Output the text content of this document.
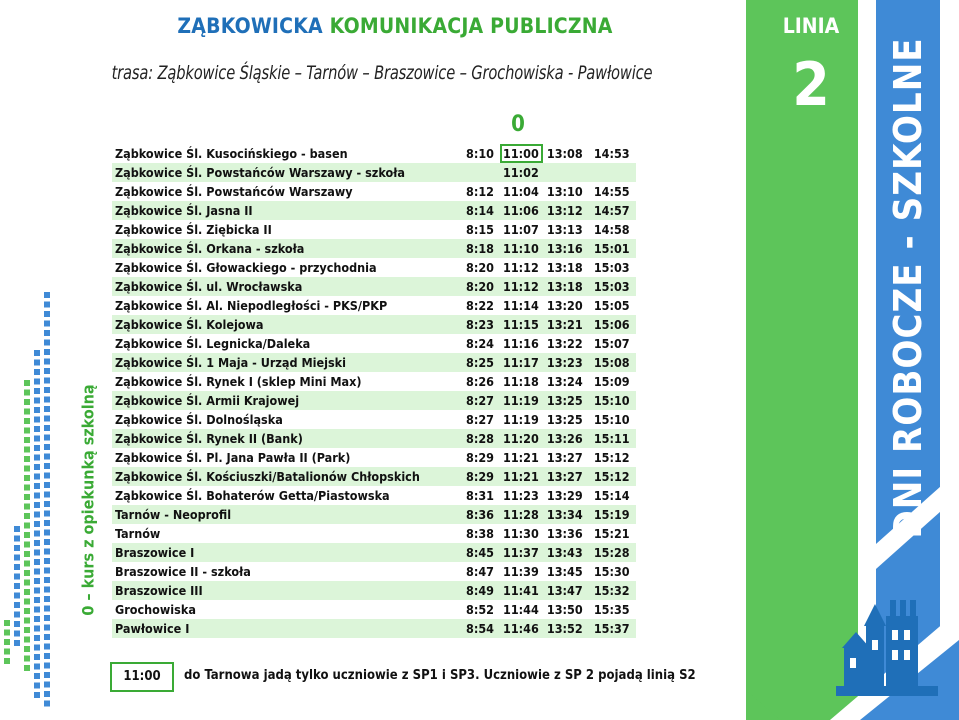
LINIA
2	DNI ROBOCZE - SZKOLNE
ZĄBKOWICKA KOMUNIKACJA PUBLICZNA
trasa: Ząbkowice Śląskie – Tarnów – Braszowice – Grochowiska - Pawłowice
0
Ząbkowice Śl. Kusocińskiego - basen	8:10	11:00	13:08	14:53
Ząbkowice Śl. Powstańców Warszawy - szkoła		11:02		
Ząbkowice Śl. Powstańców Warszawy	8:12	11:04	13:10	14:55
Ząbkowice Śl. Jasna II	8:14	11:06	13:12	14:57
Ząbkowice Śl. Ziębicka II	8:15	11:07	13:13	14:58
Ząbkowice Śl. Orkana - szkoła	8:18	11:10	13:16	15:01
Ząbkowice Śl. Głowackiego - przychodnia	8:20	11:12	13:18	15:03
Ząbkowice Śl. ul. Wrocławska	8:20	11:12	13:18	15:03
Ząbkowice Śl. Al. Niepodległości - PKS/PKP	8:22	11:14	13:20	15:05
Ząbkowice Śl. Kolejowa	8:23	11:15	13:21	15:06
Ząbkowice Śl. Legnicka/Daleka	8:24	11:16	13:22	15:07
Ząbkowice Śl. 1 Maja - Urząd Miejski	8:25	11:17	13:23	15:08
Ząbkowice Śl. Rynek I (sklep Mini Max)	8:26	11:18	13:24	15:09
Ząbkowice Śl. Armii Krajowej	8:27	11:19	13:25	15:10
Ząbkowice Śl. Dolnośląska	8:27	11:19	13:25	15:10
Ząbkowice Śl. Rynek II (Bank)	8:28	11:20	13:26	15:11
Ząbkowice Śl. Pl. Jana Pawła II (Park)	8:29	11:21	13:27	15:12
Ząbkowice Śl. Kościuszki/Batalionów Chłopskich	8:29	11:21	13:27	15:12
Ząbkowice Śl. Bohaterów Getta/Piastowska	8:31	11:23	13:29	15:14
Tarnów - Neoprofil	8:36	11:28	13:34	15:19
Tarnów	8:38	11:30	13:36	15:21
Braszowice I	8:45	11:37	13:43	15:28
Braszowice II - szkoła	8:47	11:39	13:45	15:30
Braszowice III	8:49	11:41	13:47	15:32
Grochowiska	8:52	11:44	13:50	15:35
Pawłowice I	8:54	11:46	13:52	15:37
0 – kurs z opiekunką szkolną
11:00	do Tarnowa jadą tylko uczniowie z SP1 i SP3. Uczniowie z SP 2 pojadą linią S2
